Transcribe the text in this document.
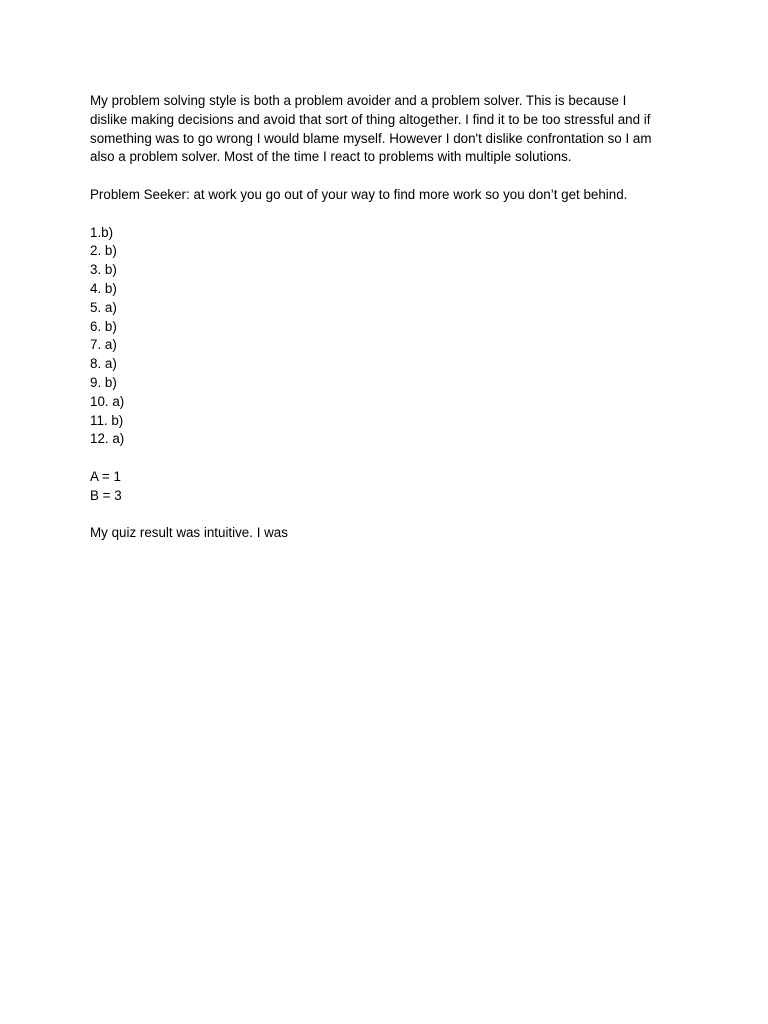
My problem solving style is both a problem avoider and a problem solver. This is because I
dislike making decisions and avoid that sort of thing altogether. I find it to be too stressful and if
something was to go wrong I would blame myself. However I don't dislike confrontation so I am
also a problem solver. Most of the time I react to problems with multiple solutions.

Problem Seeker: at work you go out of your way to find more work so you don’t get behind.

1.b)
2. b)
3. b)
4. b)
5. a)
6. b)
7. a)
8. a)
9. b)
10. a)
11. b)
12. a)
A = 1
B = 3

My quiz result was intuitive. I was
